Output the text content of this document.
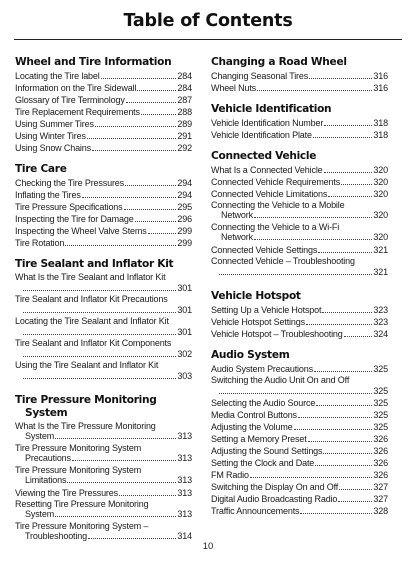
Table of Contents
Wheel and Tire Information
Locating the Tire label	284
Information on the Tire Sidewall	284
Glossary of Tire Terminology	287
Tire Replacement Requirements	288
Using Summer Tires	289
Using Winter Tires	291
Using Snow Chains	292
Tire Care
Checking the Tire Pressures	294
Inflating the Tires	294
Tire Pressure Specifications	295
Inspecting the Tire for Damage	296
Inspecting the Wheel Valve Stems	299
Tire Rotation	299
Tire Sealant and Inflator Kit
What Is the Tire Sealant and Inflator Kit
301
Tire Sealant and Inflator Kit Precautions
301
Locating the Tire Sealant and Inflator Kit
301
Tire Sealant and Inflator Kit Components
302
Using the Tire Sealant and Inflator Kit
303
Tire Pressure Monitoring
System
What Is the Tire Pressure Monitoring
System	313
Tire Pressure Monitoring System
Precautions	313
Tire Pressure Monitoring System
Limitations	313
Viewing the Tire Pressures	313
Resetting Tire Pressure Monitoring
System	313
Tire Pressure Monitoring System –
Troubleshooting	314
Changing a Road Wheel
Changing Seasonal Tires	316
Wheel Nuts	316
Vehicle Identification
Vehicle Identification Number	318
Vehicle Identification Plate	318
Connected Vehicle
What Is a Connected Vehicle	320
Connected Vehicle Requirements	320
Connected Vehicle Limitations	320
Connecting the Vehicle to a Mobile
Network	320
Connecting the Vehicle to a Wi-Fi
Network	320
Connected Vehicle Settings	321
Connected Vehicle – Troubleshooting
321
Vehicle Hotspot
Setting Up a Vehicle Hotspot	323
Vehicle Hotspot Settings	323
Vehicle Hotspot – Troubleshooting	324
Audio System
Audio System Precautions	325
Switching the Audio Unit On and Off
325
Selecting the Audio Source	325
Media Control Buttons	325
Adjusting the Volume	325
Setting a Memory Preset	326
Adjusting the Sound Settings	326
Setting the Clock and Date	326
FM Radio	326
Switching the Display On and Off	327
Digital Audio Broadcasting Radio	327
Traffic Announcements	328
10
